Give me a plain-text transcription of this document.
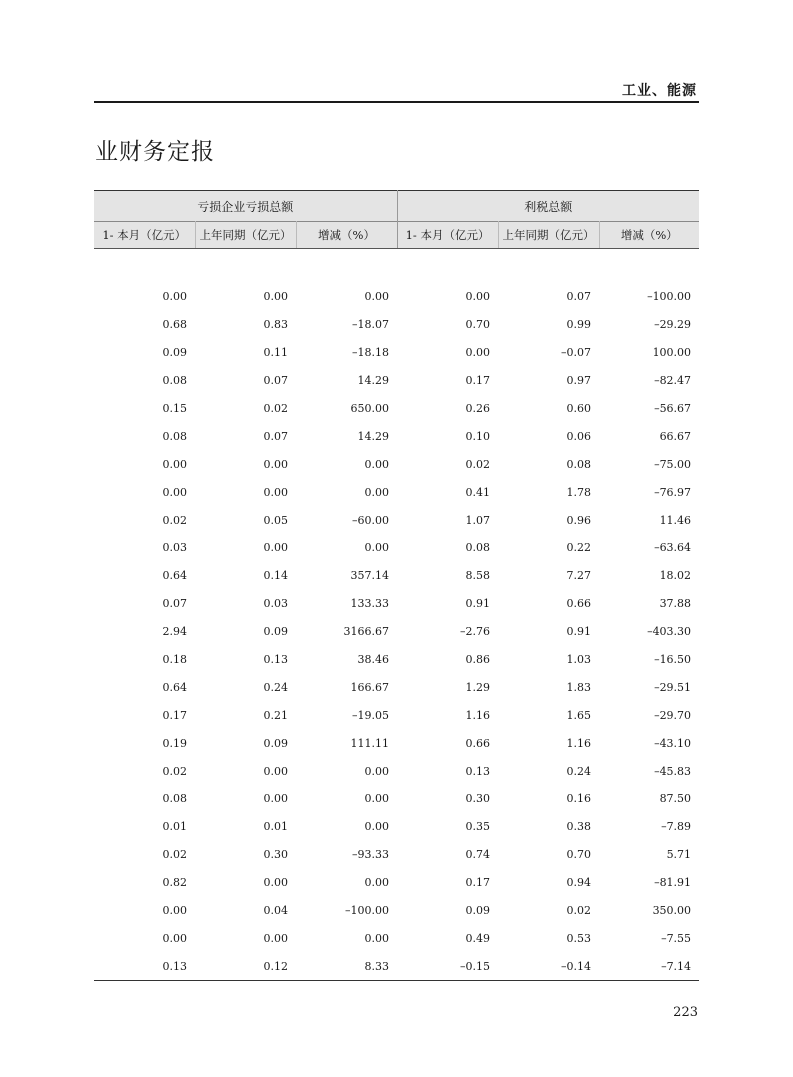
工业、能源
业财务定报
亏损企业亏损总额			利税总额		
1- 本月（亿元）	上年同期（亿元）	增减（%）	1- 本月（亿元）	上年同期（亿元）	增减（%）

0.00	0.00	0.00	0.00	0.07	–100.00
0.68	0.83	–18.07	0.70	0.99	–29.29
0.09	0.11	–18.18	0.00	–0.07	100.00
0.08	0.07	14.29	0.17	0.97	–82.47
0.15	0.02	650.00	0.26	0.60	–56.67
0.08	0.07	14.29	0.10	0.06	66.67
0.00	0.00	0.00	0.02	0.08	–75.00
0.00	0.00	0.00	0.41	1.78	–76.97
0.02	0.05	–60.00	1.07	0.96	11.46
0.03	0.00	0.00	0.08	0.22	–63.64
0.64	0.14	357.14	8.58	7.27	18.02
0.07	0.03	133.33	0.91	0.66	37.88
2.94	0.09	3166.67	–2.76	0.91	–403.30
0.18	0.13	38.46	0.86	1.03	–16.50
0.64	0.24	166.67	1.29	1.83	–29.51
0.17	0.21	–19.05	1.16	1.65	–29.70
0.19	0.09	111.11	0.66	1.16	–43.10
0.02	0.00	0.00	0.13	0.24	–45.83
0.08	0.00	0.00	0.30	0.16	87.50
0.01	0.01	0.00	0.35	0.38	–7.89
0.02	0.30	–93.33	0.74	0.70	5.71
0.82	0.00	0.00	0.17	0.94	–81.91
0.00	0.04	–100.00	0.09	0.02	350.00
0.00	0.00	0.00	0.49	0.53	–7.55
0.13	0.12	8.33	–0.15	–0.14	–7.14
223
